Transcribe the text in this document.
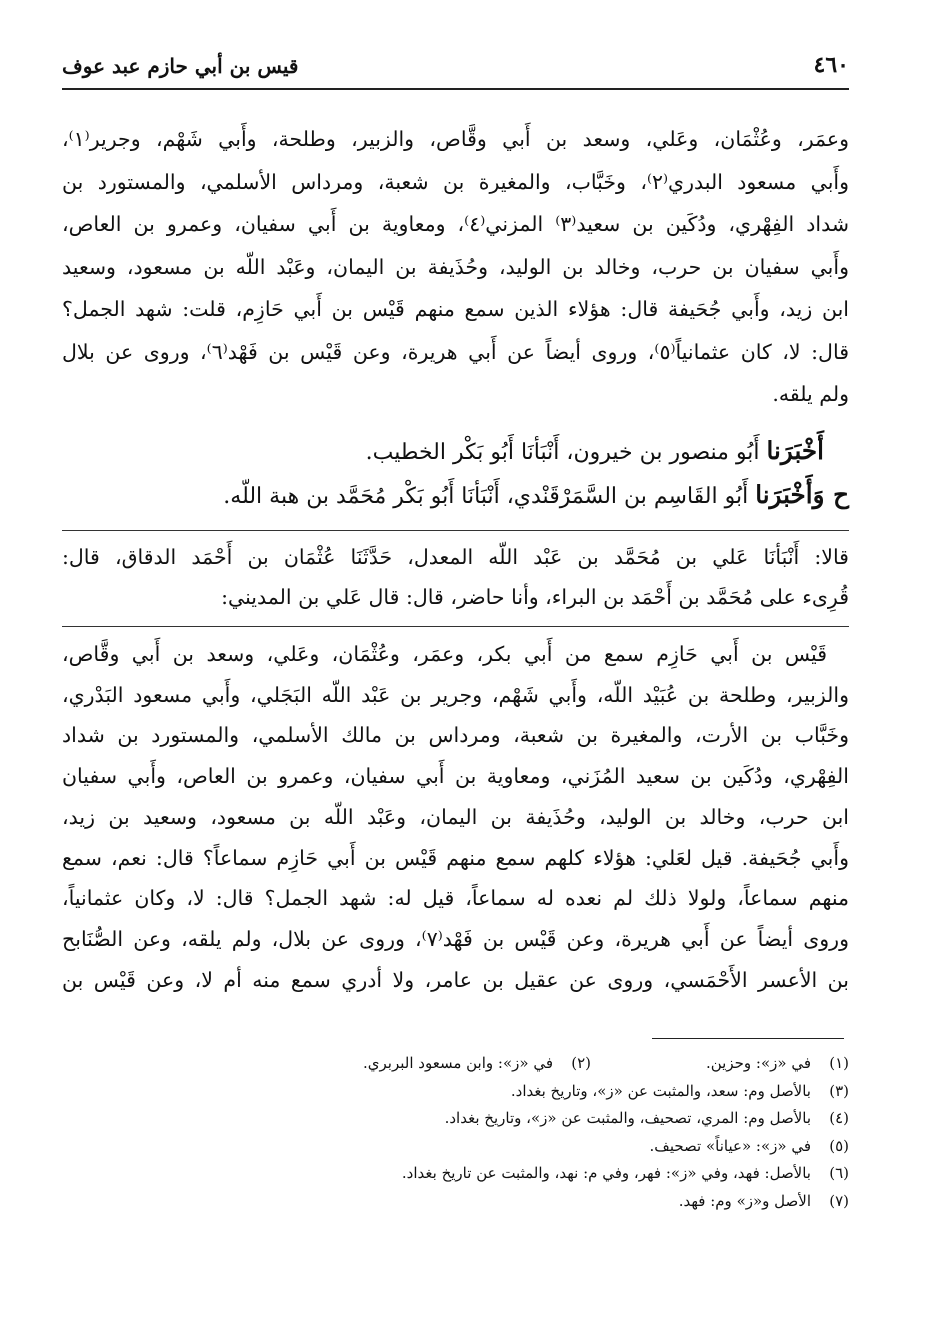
٤٦٠
قيس بن أبي حازم عبد عوف
وعمَر، وعُثْمَان، وعَلي، وسعد بن أَبي وقَّاص، والزبير، وطلحة، وأَبي شَهْم، وجرير⁽١⁾،
وأَبي مسعود البدري⁽٢⁾، وخَبَّاب، والمغيرة بن شعبة، ومرداس الأسلمي، والمستورد بن
شداد الفِهْري، ودُكَين بن سعيد⁽٣⁾ المزني⁽٤⁾، ومعاوية بن أَبي سفيان، وعمرو بن العاص،
وأَبي سفيان بن حرب، وخالد بن الوليد، وحُذَيفة بن اليمان، وعَبْد اللّه بن مسعود، وسعيد
ابن زيد، وأَبي جُحَيفة قال: هؤلاء الذين سمع منهم قَيْس بن أَبي حَازِم، قلت: شهد الجمل؟
قال: لا، كان عثمانياً⁽٥⁾، وروى أيضاً عن أَبي هريرة، وعن قَيْس بن فَهْد⁽٦⁾، وروى عن بلال
ولم يلقه.
أَخْبَرَنا أَبُو منصور بن خيرون، أَنْبَأنَا أَبُو بَكْر الخطيب.
ح وَأَخْبَرَنا أَبُو القَاسِم بن السَّمَرْقَنْدي، أَنْبَأنَا أَبُو بَكْر مُحَمَّد بن هبة اللّه.
قالا: أَنْبَأنَا عَلي بن مُحَمَّد بن عَبْد اللّه المعدل، حَدَّثَنَا عُثْمَان بن أَحْمَد الدقاق، قال:
قُرِىء على مُحَمَّد بن أَحْمَد بن البراء، وأنا حاضر، قال: قال عَلي بن المديني:
قَيْس بن أَبي حَازِم سمع من أَبي بكر، وعمَر، وعُثْمَان، وعَلي، وسعد بن أَبي وقَّاص،
والزبير، وطلحة بن عُبَيْد اللّه، وأَبي شَهْم، وجرير بن عَبْد اللّه البَجَلي، وأَبي مسعود البَدْري،
وخَبَّاب بن الأرت، والمغيرة بن شعبة، ومرداس بن مالك الأسلمي، والمستورد بن شداد
الفِهْري، ودُكَين بن سعيد المُزَني، ومعاوية بن أَبي سفيان، وعمرو بن العاص، وأَبي سفيان
ابن حرب، وخالد بن الوليد، وحُذَيفة بن اليمان، وعَبْد اللّه بن مسعود، وسعيد بن زيد،
وأَبي جُحَيفة. قيل لعَلي: هؤلاء كلهم سمع منهم قَيْس بن أَبي حَازِم سماعاً؟ قال: نعم، سمع
منهم سماعاً، ولولا ذلك لم نعده له سماعاً، قيل له: شهد الجمل؟ قال: لا، وكان عثمانياً،
وروى أيضاً عن أَبي هريرة، وعن قَيْس بن فَهْد⁽٧⁾، وروى عن بلال، ولم يلقه، وعن الصُّنَابح
بن الأعسر الأَحْمَسي، وروى عن عقيل بن عامر، ولا أدري سمع منه أم لا، وعن قَيْس بن
(١)في «ز»: وحزين.(٢)في «ز»: وابن مسعود البربري.
(٣)بالأصل وم: سعد، والمثبت عن «ز»، وتاريخ بغداد.
(٤)بالأصل وم: المري، تصحيف، والمثبت عن «ز»، وتاريخ بغداد.
(٥)في «ز»: «عياناً» تصحيف.
(٦)بالأصل: فهد، وفي «ز»: فهر، وفي م: نهد، والمثبت عن تاريخ بغداد.
(٧)الأصل و«ز» وم: فهد.
